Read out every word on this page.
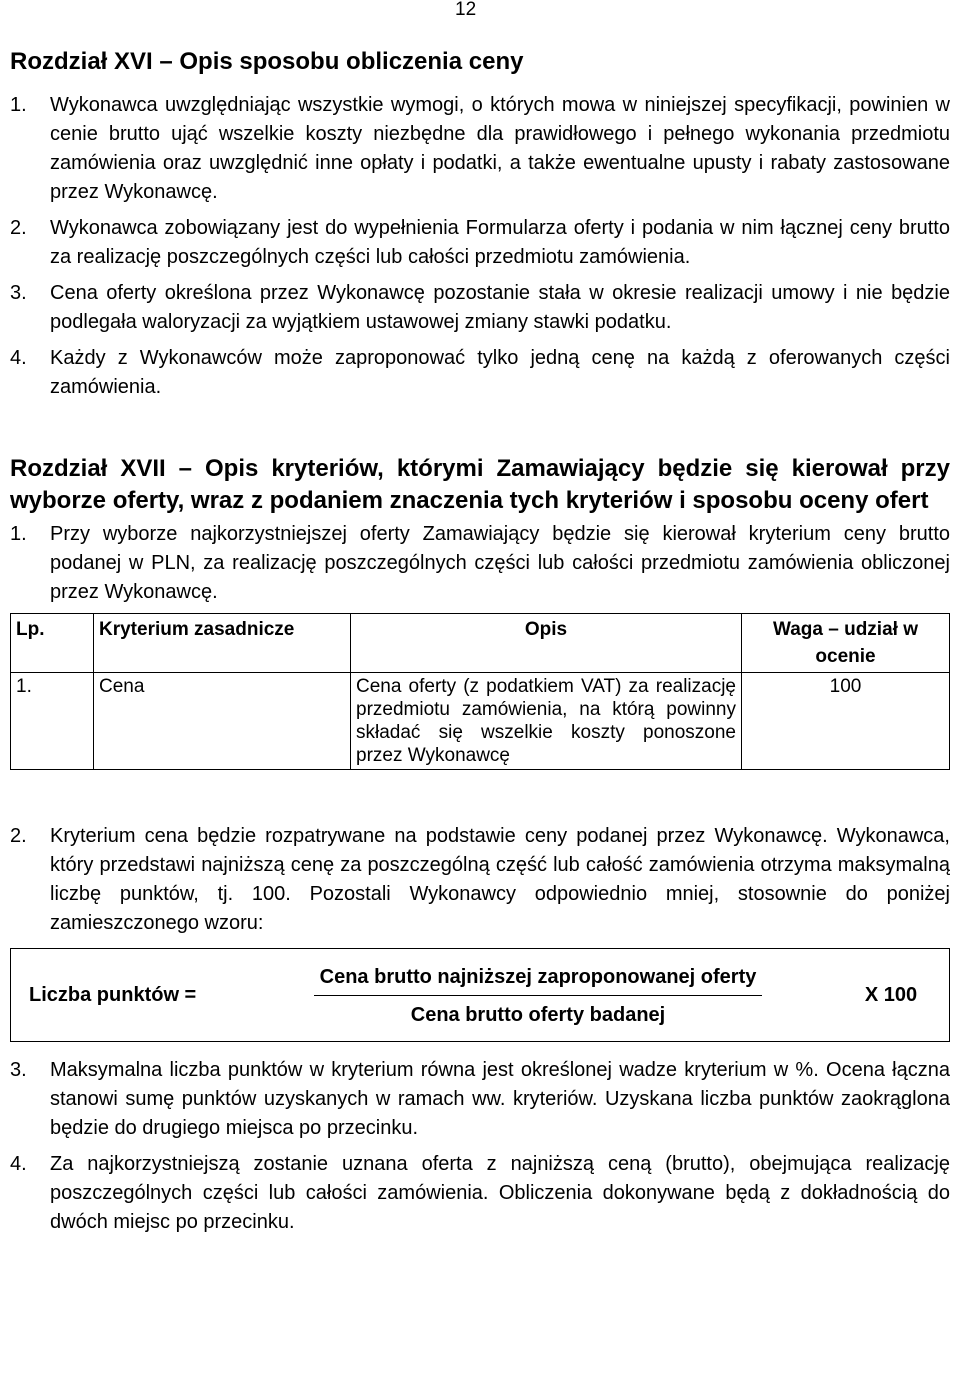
12
Rozdział XVI – Opis sposobu obliczenia ceny
1.	Wykonawca uwzględniając wszystkie wymogi, o których mowa w niniejszej specyfikacji, powinien w cenie brutto ująć wszelkie koszty niezbędne dla prawidłowego i pełnego wykonania przedmiotu zamówienia oraz uwzględnić inne opłaty i podatki, a także ewentualne upusty i rabaty zastosowane przez Wykonawcę.
2.	Wykonawca zobowiązany jest do wypełnienia Formularza oferty i podania w nim łącznej ceny brutto za realizację poszczególnych części lub całości przedmiotu zamówienia.
3.	Cena oferty określona przez Wykonawcę pozostanie stała w okresie realizacji umowy i nie będzie podlegała waloryzacji za wyjątkiem ustawowej zmiany stawki podatku.
4.	Każdy z Wykonawców może zaproponować tylko jedną cenę na każdą z oferowanych części zamówienia.
Rozdział XVII – Opis kryteriów, którymi Zamawiający będzie się kierował przy wyborze oferty, wraz z podaniem znaczenia tych kryteriów i sposobu oceny ofert
1.	Przy wyborze najkorzystniejszej oferty Zamawiający będzie się kierował kryterium ceny brutto podanej w PLN, za realizację poszczególnych części lub całości przedmiotu zamówienia obliczonej przez Wykonawcę.
Lp.	Kryterium zasadnicze	Opis	Waga – udział w ocenie
1.	Cena	Cena oferty (z podatkiem VAT) za realizację przedmiotu zamówienia, na którą powinny składać się wszelkie koszty ponoszone przez Wykonawcę	100
2.	Kryterium cena będzie rozpatrywane na podstawie ceny podanej przez Wykonawcę. Wykonawca, który przedstawi najniższą cenę za poszczególną część lub całość zamówienia otrzyma maksymalną liczbę punktów, tj. 100. Pozostali Wykonawcy odpowiednio mniej, stosownie do poniżej zamieszczonego wzoru:
Liczba punktów =
Cena brutto najniższej zaproponowanej oferty
Cena brutto oferty badanej
X 100
3.	Maksymalna liczba punktów w kryterium równa jest określonej wadze kryterium w %. Ocena łączna stanowi sumę punktów uzyskanych w ramach ww. kryteriów. Uzyskana liczba punktów zaokrąglona będzie do drugiego miejsca po przecinku.
4.	Za najkorzystniejszą zostanie uznana oferta z najniższą ceną (brutto), obejmująca realizację poszczególnych części lub całości zamówienia. Obliczenia dokonywane będą z dokładnością do dwóch miejsc po przecinku.
